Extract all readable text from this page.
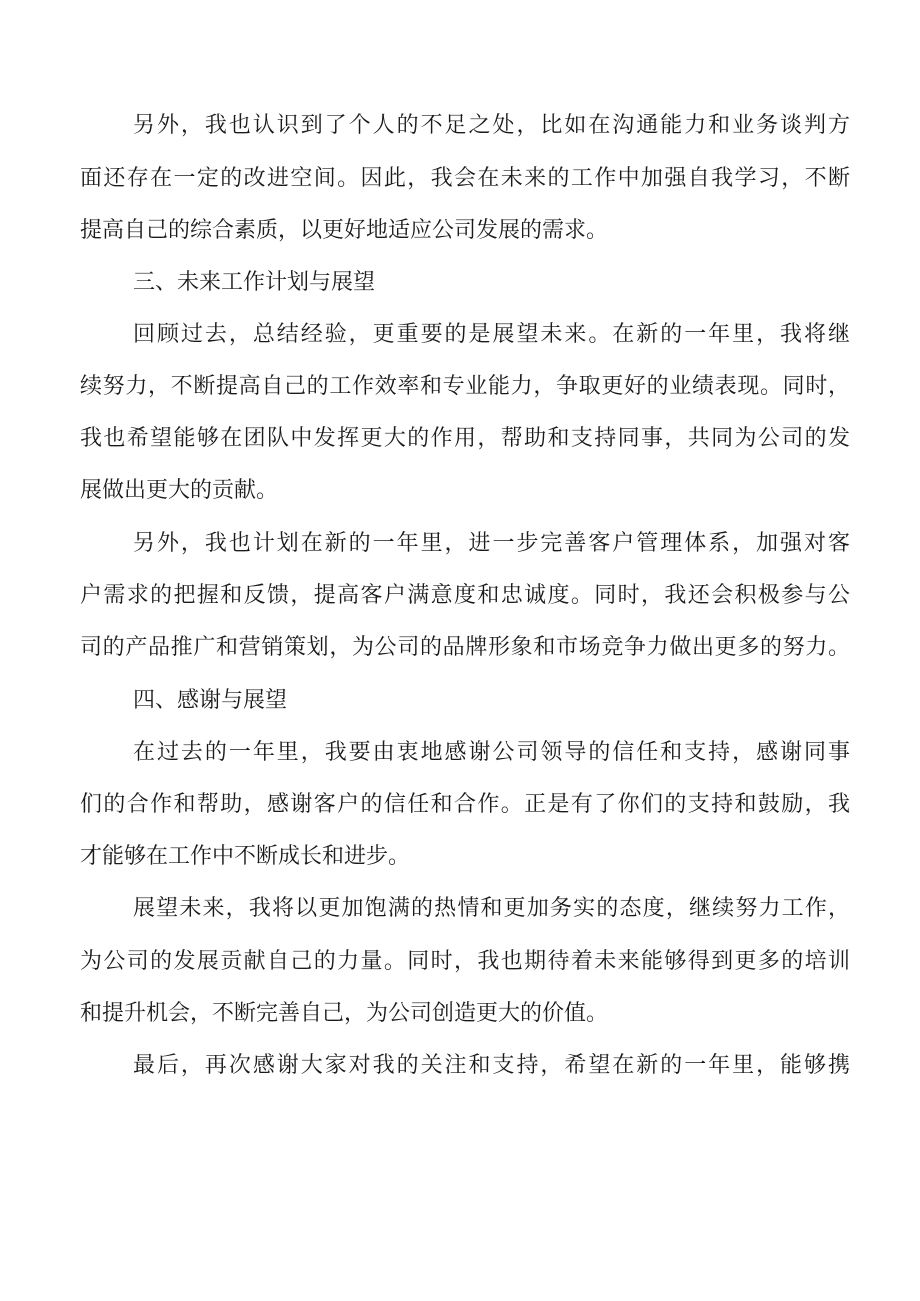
另外，我也认识到了个人的不足之处，比如在沟通能力和业务谈判方

面还存在一定的改进空间。因此，我会在未来的工作中加强自我学习，不断

提高自己的综合素质，以更好地适应公司发展的需求。

三、未来工作计划与展望

回顾过去，总结经验，更重要的是展望未来。在新的一年里，我将继

续努力，不断提高自己的工作效率和专业能力，争取更好的业绩表现。同时，

我也希望能够在团队中发挥更大的作用，帮助和支持同事，共同为公司的发

展做出更大的贡献。

另外，我也计划在新的一年里，进一步完善客户管理体系，加强对客

户需求的把握和反馈，提高客户满意度和忠诚度。同时，我还会积极参与公

司的产品推广和营销策划，为公司的品牌形象和市场竞争力做出更多的努力。

四、感谢与展望

在过去的一年里，我要由衷地感谢公司领导的信任和支持，感谢同事

们的合作和帮助，感谢客户的信任和合作。正是有了你们的支持和鼓励，我

才能够在工作中不断成长和进步。

展望未来，我将以更加饱满的热情和更加务实的态度，继续努力工作，

为公司的发展贡献自己的力量。同时，我也期待着未来能够得到更多的培训

和提升机会，不断完善自己，为公司创造更大的价值。

最后，再次感谢大家对我的关注和支持，希望在新的一年里，能够携
